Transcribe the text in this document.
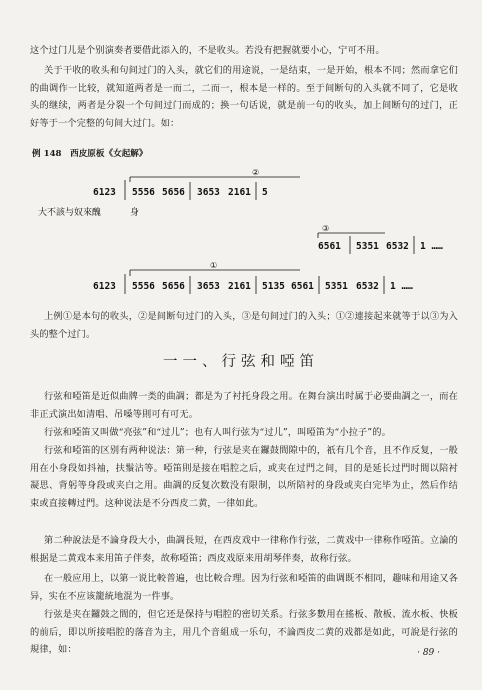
这个过门儿是个别演奏者要借此添入的，不是收头。若没有把握就要小心，宁可不用。

关于干收的收头和句间过门的入头，就它们的用途说，一是结束，一是开始，根本不同；然而拿它们的曲调作一比较，就知道两者是一而二，二而一，根本是一样的。至于间断句的入头就不同了，它是收头的继续，两者是分裂一个句间过门而成的；换一句话说，就是前一句的收头，加上间断句的过门，正好等于一个完整的句间大过门。如：

例 148　西皮原板《女起解》
②
6123 5556 5656 3653 2161 5
大不該与奴來醜	身
③
6561 5351 6532 1 ……
①
6123 5556 5656 3653 2161 5135 6561 5351 6532 1 ……

上例①是本句的收头，②是间断句过门的入头，③是句间过门的入头；①②連接起来就等于以③为入头的整个过门。

一一、行弦和啞笛

行弦和啞笛是近似曲牌一类的曲調；都是为了衬托身段之用。在舞台演出时属于必要曲調之一，而在非正式演出如清唱、吊嗓等則可有可无。

行弦和啞笛又叫做“亮弦”和“过儿”；也有人叫行弦为“过儿”，叫啞笛为“小拉子”的。

行弦和啞笛的区别有两种说法：第一种，行弦是夹在鑼鼓間隙中的，祇有几个音，且不作反复，一般用在小身段如抖袖，扶鬚沾等。啞笛則是接在唱腔之后，或夹在过門之间，目的是延长过門时間以陪衬凝思、背躬等身段或夹白之用。曲調的反复次数没有限制，以所陪衬的身段或夹白完毕为止，然后作结束或直接轉过門。这种说法是不分西皮二黄，一律如此。

第二种說法是不論身段大小，曲調長短，在西皮戏中一律称作行弦，二黄戏中一律称作啞笛。立論的根据是二黄戏本来用笛子伴奏，故称啞笛；西皮戏原来用胡琴伴奏，故称行弦。

在一般应用上，以第一说比較普遍，也比較合理。因为行弦和啞笛的曲调既不相同，趣味和用途又各异，实在不应该籠統地混为一件事。

行弦是夹在鑼鼓之間的，但它还是保持与唱腔的密切关系。行弦多數用在搖板、散板、流水板、快板的前后，即以所接唱腔的落音为主，用几个音組成一乐句，不論西皮二黄的戏都是如此，可說是行弦的規律，如：	· 89 ·
